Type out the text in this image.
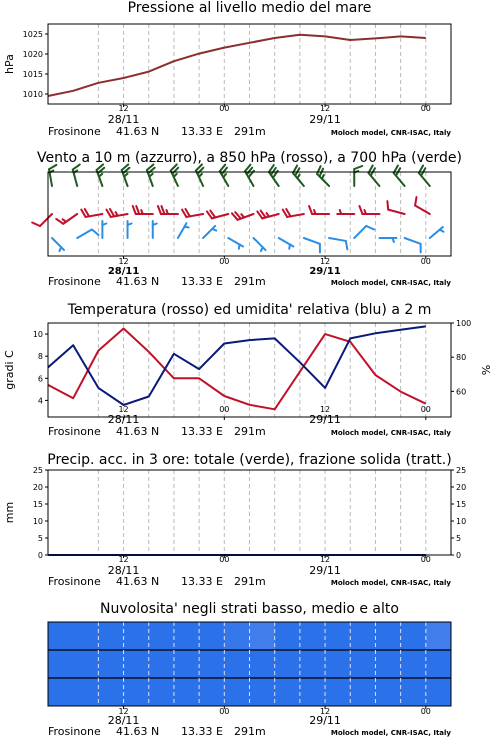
Pressione al livello medio del mare
1010
1015
1020
1025
hPa
12	00	12	00
28/11	29/11
Frosinone 41.63 N 13.33 E 291m	Moloch model, CNR-ISAC, Italy
Vento a 10 m (azzurro), a 850 hPa (rosso), a 700 hPa (verde)
12	00	12	00
28/11	29/11
Frosinone 41.63 N 13.33 E 291m	Moloch model, CNR-ISAC, Italy
Temperatura (rosso) ed umidita' relativa (blu) a 2 m
4
6
8
10
60
80
100
gradi C	%
12	00	12	00
28/11	29/11
Frosinone 41.63 N 13.33 E 291m	Moloch model, CNR-ISAC, Italy
Precip. acc. in 3 ore: totale (verde), frazione solida (tratt.)
0	0
5	5
10	10
15	15
20	20
25	25
mm
12	00	12	00
28/11	29/11
Frosinone 41.63 N 13.33 E 291m	Moloch model, CNR-ISAC, Italy
Nuvolosita' negli strati basso, medio e alto
12	00	12	00
28/11	29/11
Frosinone 41.63 N 13.33 E 291m	Moloch model, CNR-ISAC, Italy
